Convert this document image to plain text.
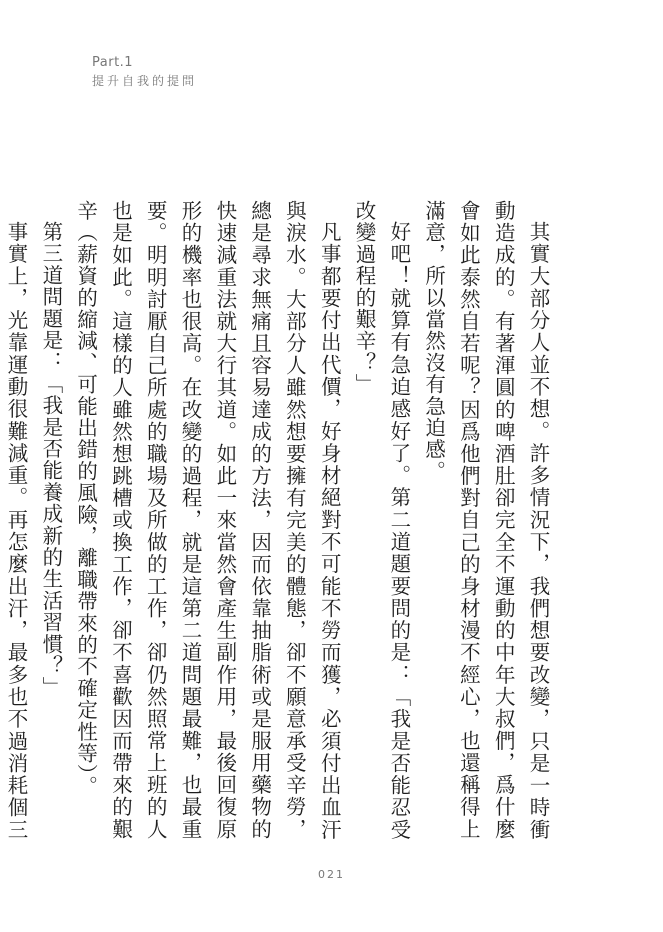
Part.1
提升自我的提問

其實大部分人並不想。許多情況下，我們想要改變，只是一時衝動造成的。有著渾圓的啤酒肚卻完全不運動的中年大叔們，爲什麼會如此泰然自若呢？因爲他們對自己的身材漫不經心，也還稱得上滿意，所以當然沒有急迫感。

好吧！就算有急迫感好了。第二道題要問的是：「我是否能忍受改變過程的艱辛？」

凡事都要付出代價，好身材絕對不可能不勞而獲，必須付出血汗與淚水。大部分人雖然想要擁有完美的體態，卻不願意承受辛勞，總是尋求無痛且容易達成的方法，因而依靠抽脂術或是服用藥物的快速減重法就大行其道。如此一來當然會產生副作用，最後回復原形的機率也很高。在改變的過程，就是這第二道問題最難，也最重要。明明討厭自己所處的職場及所做的工作，卻仍然照常上班的人也是如此。這樣的人雖然想跳槽或換工作，卻不喜歡因而帶來的艱辛（薪資的縮減、可能出錯的風險，離職帶來的不確定性等）。

第三道問題是：「我是否能養成新的生活習慣？」

事實上，光靠運動很難減重。再怎麼出汗，最多也不過消耗個三

021
